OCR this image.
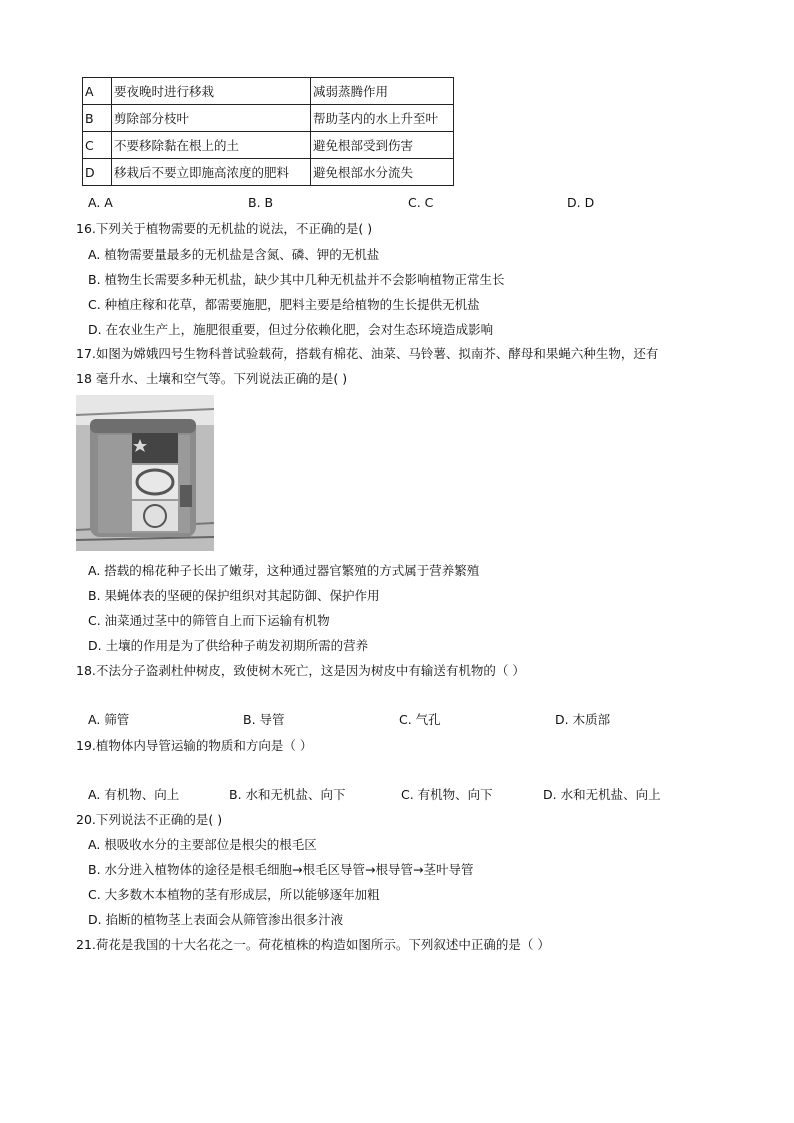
A	要夜晚时进行移栽	减弱蒸腾作用
B	剪除部分枝叶	帮助茎内的水上升至叶
C	不要移除黏在根上的土	避免根部受到伤害
D	移栽后不要立即施高浓度的肥料	避免根部水分流失
A. A	B. B	C. C	D. D
16.下列关于植物需要的无机盐的说法，不正确的是( )
A. 植物需要量最多的无机盐是含氮、磷、钾的无机盐
B. 植物生长需要多种无机盐，缺少其中几种无机盐并不会影响植物正常生长
C. 种植庄稼和花草，都需要施肥，肥料主要是给植物的生长提供无机盐
D. 在农业生产上，施肥很重要，但过分依赖化肥，会对生态环境造成影响
17.如图为嫦娥四号生物科普试验载荷，搭载有棉花、油菜、马铃薯、拟南芥、酵母和果蝇六种生物，还有
18 毫升水、土壤和空气等。下列说法正确的是( )
A. 搭载的棉花种子长出了嫩芽，这种通过器官繁殖的方式属于营养繁殖
B. 果蝇体表的坚硬的保护组织对其起防御、保护作用
C. 油菜通过茎中的筛管自上而下运输有机物
D. 土壤的作用是为了供给种子萌发初期所需的营养
18.不法分子盗剥杜仲树皮，致使树木死亡，这是因为树皮中有输送有机物的（ ）
A. 筛管	B. 导管	C. 气孔	D. 木质部
19.植物体内导管运输的物质和方向是（ ）
A. 有机物、向上	B. 水和无机盐、向下	C. 有机物、向下	D. 水和无机盐、向上
20.下列说法不正确的是( )
A. 根吸收水分的主要部位是根尖的根毛区
B. 水分进入植物体的途径是根毛细胞→根毛区导管→根导管→茎叶导管
C. 大多数木本植物的茎有形成层，所以能够逐年加粗
D. 掐断的植物茎上表面会从筛管渗出很多汁液
21.荷花是我国的十大名花之一。荷花植株的构造如图所示。下列叙述中正确的是（ ）
